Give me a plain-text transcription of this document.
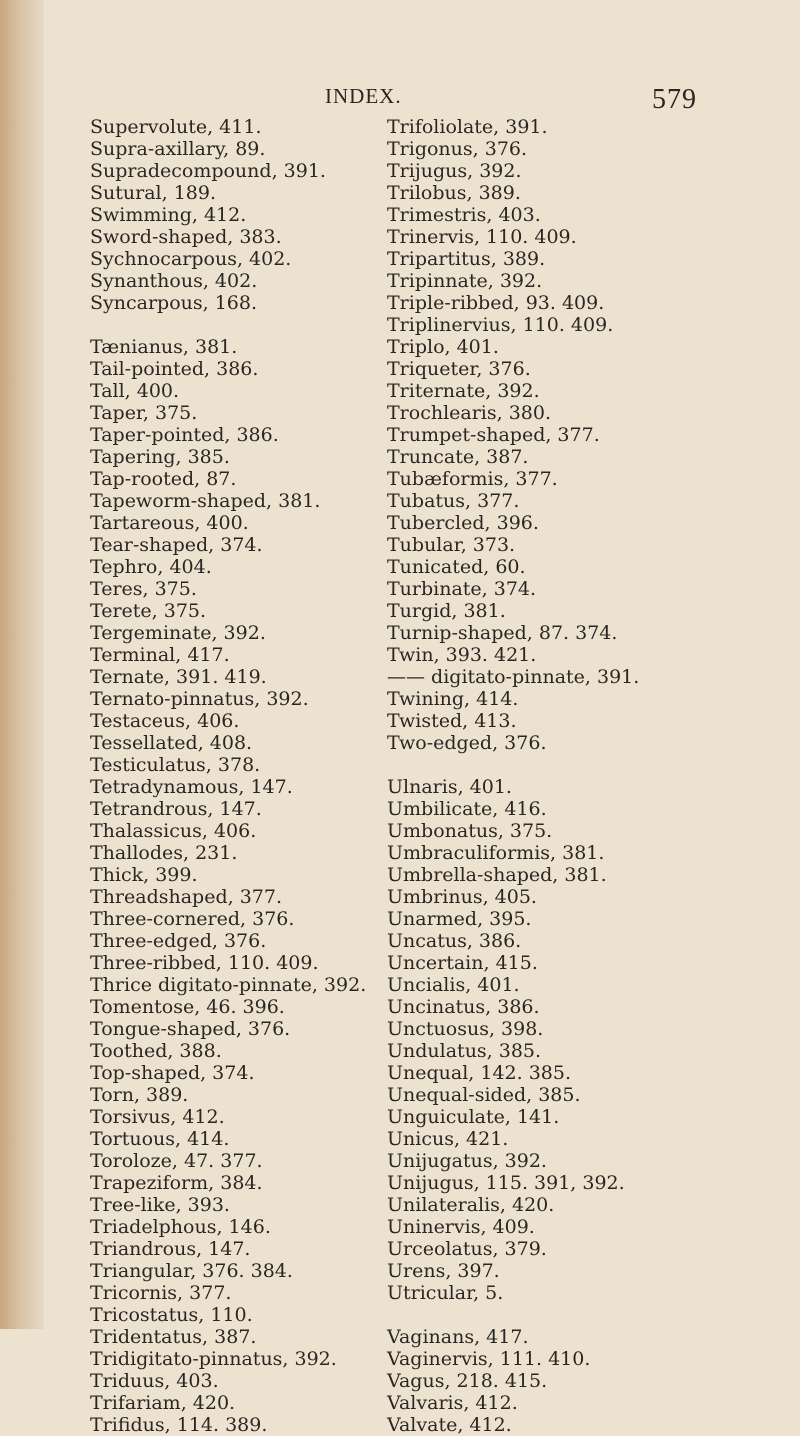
INDEX.	579
Supervolute, 411.
Supra-axillary, 89.
Supradecompound, 391.
Sutural, 189.
Swimming, 412.
Sword-shaped, 383.
Sychnocarpous, 402.
Synanthous, 402.
Syncarpous, 168.
Tænianus, 381.
Tail-pointed, 386.
Tall, 400.
Taper, 375.
Taper-pointed, 386.
Tapering, 385.
Tap-rooted, 87.
Tapeworm-shaped, 381.
Tartareous, 400.
Tear-shaped, 374.
Tephro, 404.
Teres, 375.
Terete, 375.
Tergeminate, 392.
Terminal, 417.
Ternate, 391. 419.
Ternato-pinnatus, 392.
Testaceus, 406.
Tessellated, 408.
Testiculatus, 378.
Tetradynamous, 147.
Tetrandrous, 147.
Thalassicus, 406.
Thallodes, 231.
Thick, 399.
Threadshaped, 377.
Three-cornered, 376.
Three-edged, 376.
Three-ribbed, 110. 409.
Thrice digitato-pinnate, 392.
Tomentose, 46. 396.
Tongue-shaped, 376.
Toothed, 388.
Top-shaped, 374.
Torn, 389.
Torsivus, 412.
Tortuous, 414.
Toroloze, 47. 377.
Trapeziform, 384.
Tree-like, 393.
Triadelphous, 146.
Triandrous, 147.
Triangular, 376. 384.
Tricornis, 377.
Tricostatus, 110.
Tridentatus, 387.
Tridigitato-pinnatus, 392.
Triduus, 403.
Trifariam, 420.
Trifidus, 114. 389.
Trifoliolate, 391.
Trigonus, 376.
Trijugus, 392.
Trilobus, 389.
Trimestris, 403.
Trinervis, 110. 409.
Tripartitus, 389.
Tripinnate, 392.
Triple-ribbed, 93. 409.
Triplinervius, 110. 409.
Triplo, 401.
Triqueter, 376.
Triternate, 392.
Trochlearis, 380.
Trumpet-shaped, 377.
Truncate, 387.
Tubæformis, 377.
Tubatus, 377.
Tubercled, 396.
Tubular, 373.
Tunicated, 60.
Turbinate, 374.
Turgid, 381.
Turnip-shaped, 87. 374.
Twin, 393. 421.
—— digitato-pinnate, 391.
Twining, 414.
Twisted, 413.
Two-edged, 376.
Ulnaris, 401.
Umbilicate, 416.
Umbonatus, 375.
Umbraculiformis, 381.
Umbrella-shaped, 381.
Umbrinus, 405.
Unarmed, 395.
Uncatus, 386.
Uncertain, 415.
Uncialis, 401.
Uncinatus, 386.
Unctuosus, 398.
Undulatus, 385.
Unequal, 142. 385.
Unequal-sided, 385.
Unguiculate, 141.
Unicus, 421.
Unijugatus, 392.
Unijugus, 115. 391, 392.
Unilateralis, 420.
Uninervis, 409.
Urceolatus, 379.
Urens, 397.
Utricular, 5.
Vaginans, 417.
Vaginervis, 111. 410.
Vagus, 218. 415.
Valvaris, 412.
Valvate, 412.
